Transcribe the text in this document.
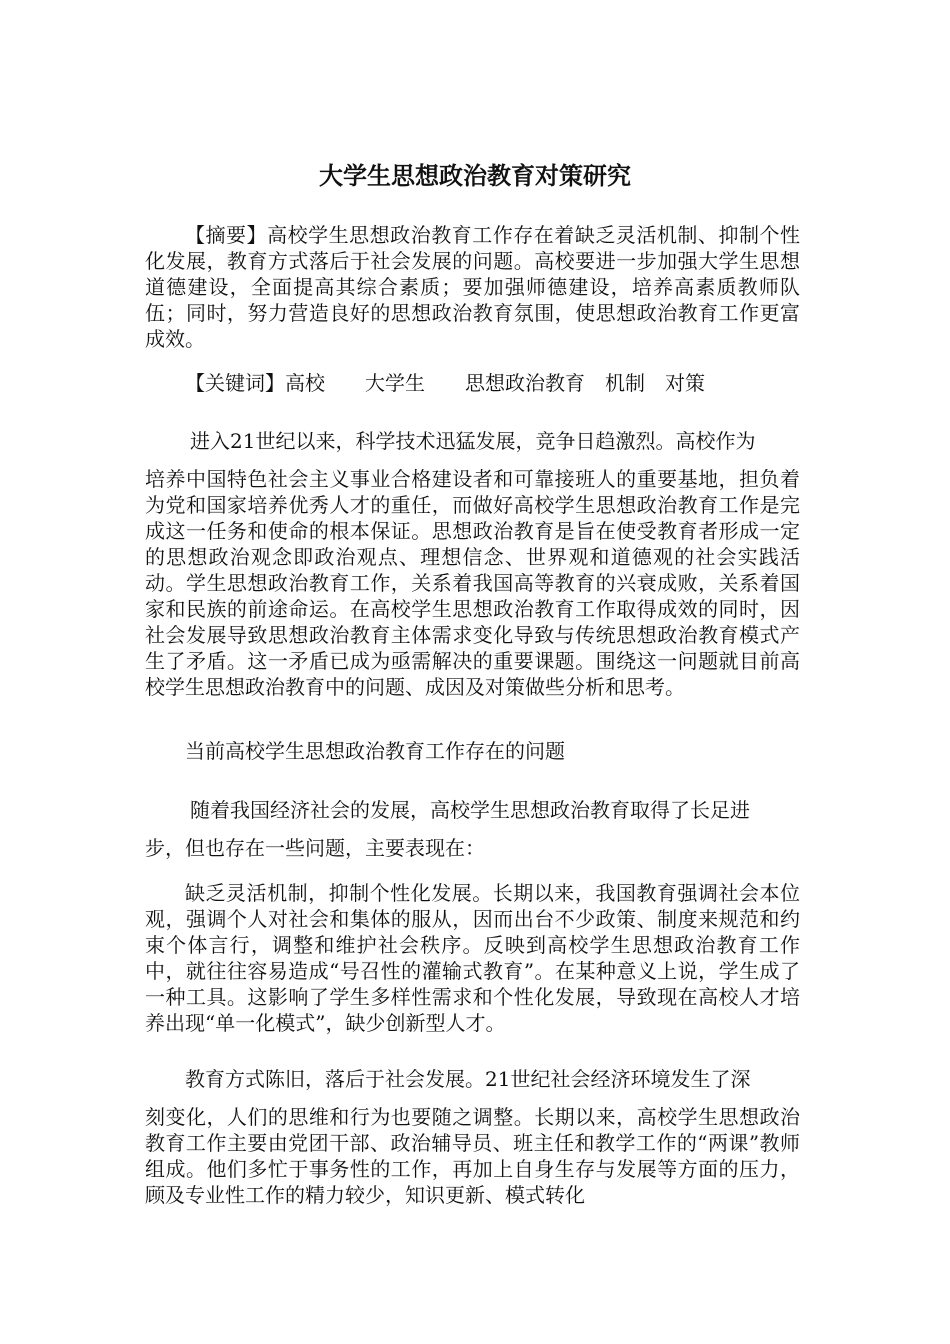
大学生思想政治教育对策研究

【摘要】高校学生思想政治教育工作存在着缺乏灵活机制、抑制个性化发展，教育方式落后于社会发展的问题。高校要进一步加强大学生思想道德建设，全面提高其综合素质；要加强师德建设，培养高素质教师队伍；同时，努力营造良好的思想政治教育氛围，使思想政治教育工作更富成效。

【关键词】高校　　大学生　　思想政治教育　机制　对策

进入21世纪以来，科学技术迅猛发展，竞争日趋激烈。高校作为

培养中国特色社会主义事业合格建设者和可靠接班人的重要基地，担负着为党和国家培养优秀人才的重任，而做好高校学生思想政治教育工作是完成这一任务和使命的根本保证。思想政治教育是旨在使受教育者形成一定的思想政治观念即政治观点、理想信念、世界观和道德观的社会实践活动。学生思想政治教育工作，关系着我国高等教育的兴衰成败，关系着国家和民族的前途命运。在高校学生思想政治教育工作取得成效的同时，因社会发展导致思想政治教育主体需求变化导致与传统思想政治教育模式产生了矛盾。这一矛盾已成为亟需解决的重要课题。围绕这一问题就目前高校学生思想政治教育中的问题、成因及对策做些分析和思考。

当前高校学生思想政治教育工作存在的问题

随着我国经济社会的发展，高校学生思想政治教育取得了长足进

步，但也存在一些问题，主要表现在：

缺乏灵活机制，抑制个性化发展。长期以来，我国教育强调社会本位观，强调个人对社会和集体的服从，因而出台不少政策、制度来规范和约束个体言行，调整和维护社会秩序。反映到高校学生思想政治教育工作中，就往往容易造成“号召性的灌输式教育”。在某种意义上说，学生成了一种工具。这影响了学生多样性需求和个性化发展，导致现在高校人才培养出现“单一化模式”，缺少创新型人才。

教育方式陈旧，落后于社会发展。21世纪社会经济环境发生了深

刻变化，人们的思维和行为也要随之调整。长期以来，高校学生思想政治教育工作主要由党团干部、政治辅导员、班主任和教学工作的“两课”教师组成。他们多忙于事务性的工作，再加上自身生存与发展等方面的压力，顾及专业性工作的精力较少，知识更新、模式转化
